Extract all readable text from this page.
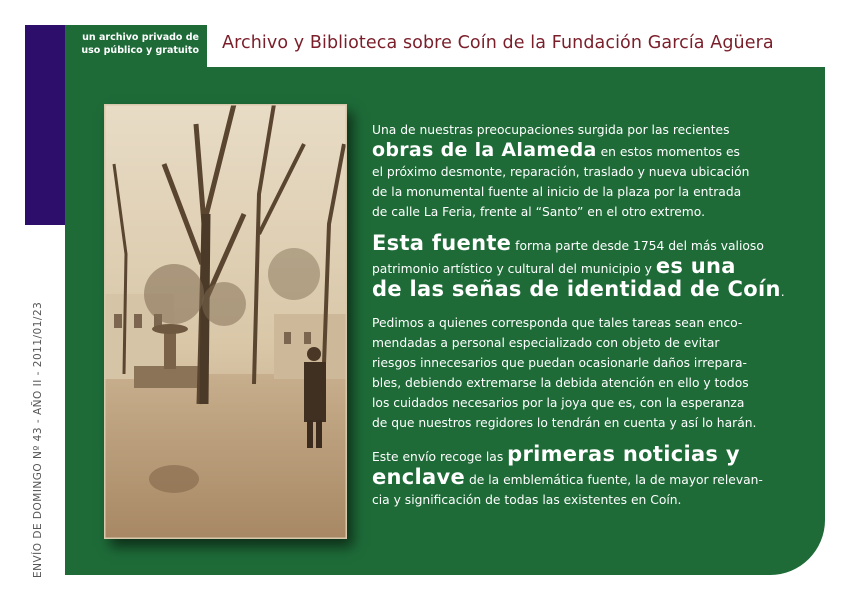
un archivo privado de
uso público y gratuito Archivo y Biblioteca sobre Coín de la Fundación García Agüera
ENVÍO DE DOMINGO Nº 43 - AÑO II - 2011/01/23

Una de nuestras preocupaciones surgida por las recientes
obras de la Alameda en estos momentos es
el próximo desmonte, reparación, traslado y nueva ubicación
de la monumental fuente al inicio de la plaza por la entrada
de calle La Feria, frente al “Santo” en el otro extremo.

Esta fuente forma parte desde 1754 del más valioso
patrimonio artístico y cultural del municipio y es una
de las señas de identidad de Coín.

Pedimos a quienes corresponda que tales tareas sean enco-
mendadas a personal especializado con objeto de evitar
riesgos innecesarios que puedan ocasionarle daños irrepara-
bles, debiendo extremarse la debida atención en ello y todos
los cuidados necesarios por la joya que es, con la esperanza
de que nuestros regidores lo tendrán en cuenta y así lo harán.

Este envío recoge las primeras noticias y
enclave de la emblemática fuente, la de mayor relevan-
cia y significación de todas las existentes en Coín.
